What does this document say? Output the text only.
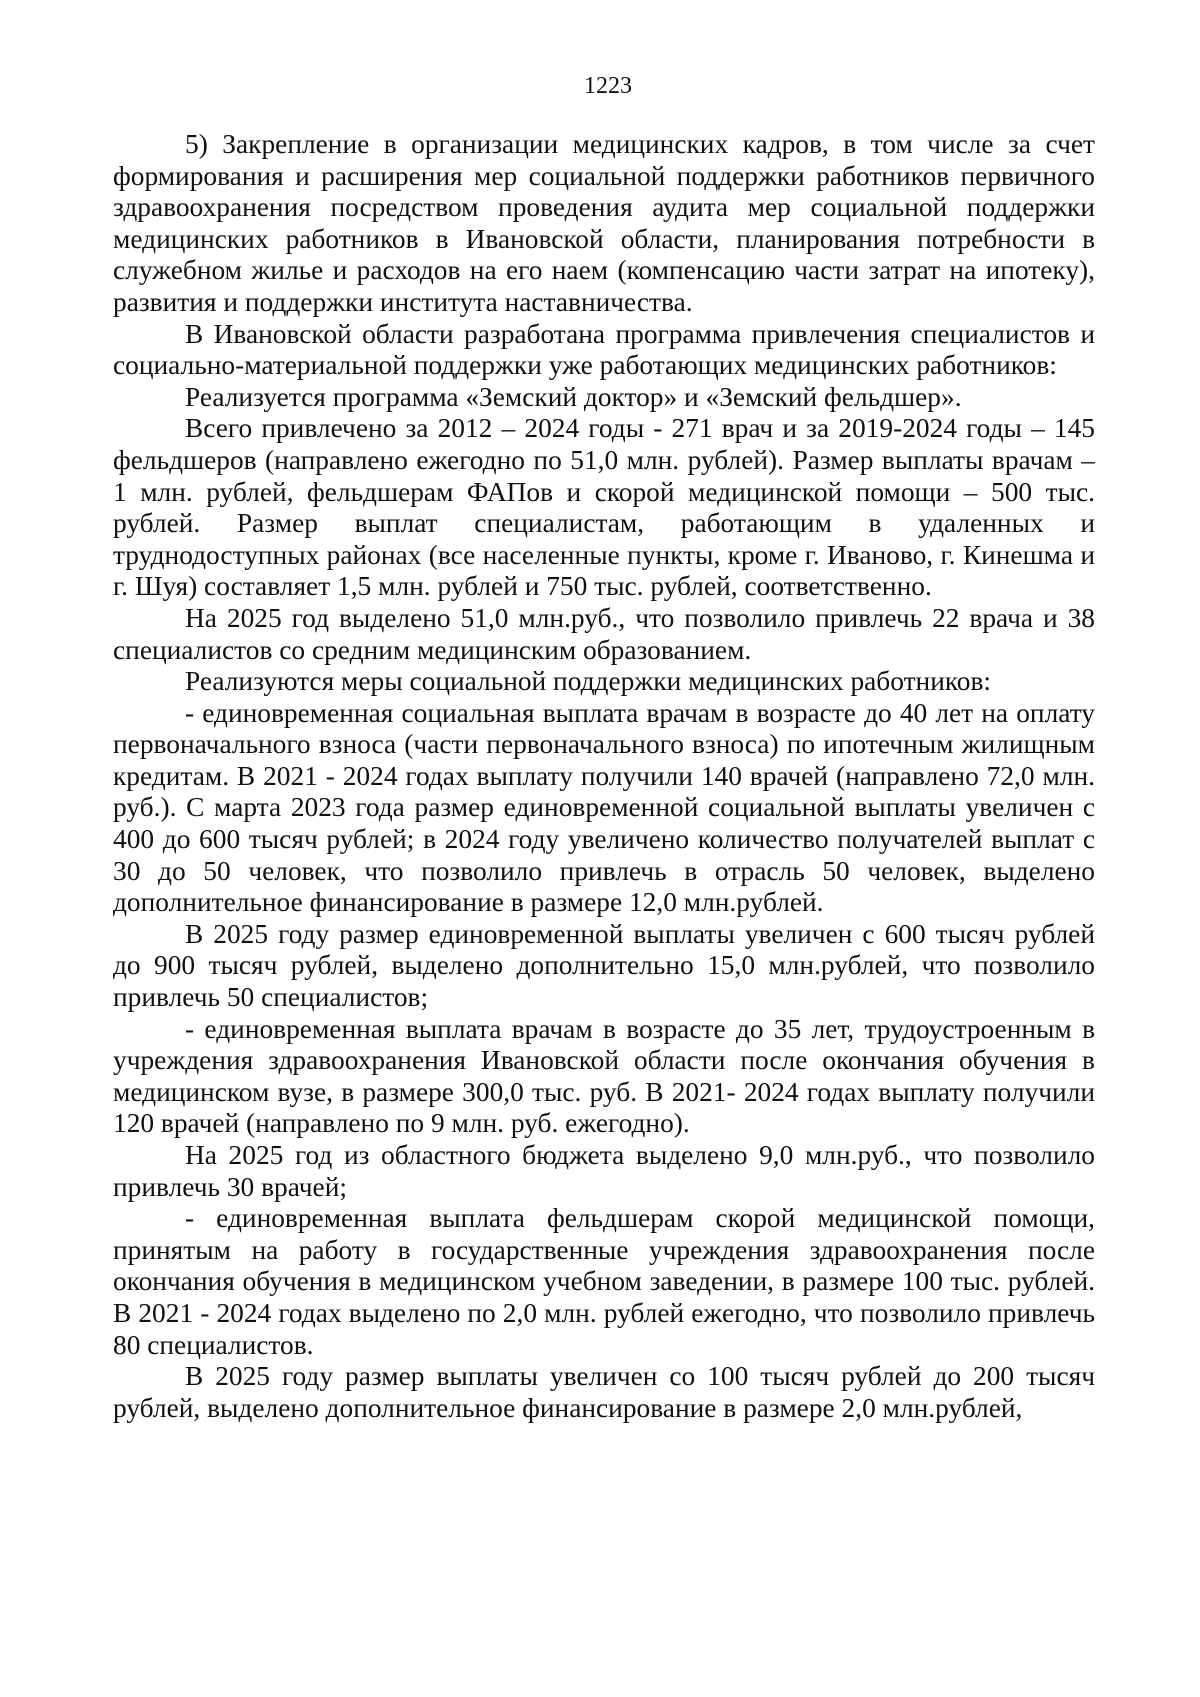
1223

5) Закрепление в организации медицинских кадров, в том числе за счет формирования и расширения мер социальной поддержки работников первичного здравоохранения посредством проведения аудита мер социальной поддержки медицинских работников в Ивановской области, планирования потребности в служебном жилье и расходов на его наем (компенсацию части затрат на ипотеку), развития и поддержки института наставничества.

В Ивановской области разработана программа привлечения специалистов и социально-материальной поддержки уже работающих медицинских работников:

Реализуется программа «Земский доктор» и «Земский фельдшер».

Всего привлечено за 2012 – 2024 годы - 271 врач и за 2019-2024 годы – 145 фельдшеров (направлено ежегодно по 51,0 млн. рублей). Размер выплаты врачам – 1 млн. рублей, фельдшерам ФАПов и скорой медицинской помощи – 500 тыс. рублей. Размер выплат специалистам, работающим в удаленных и труднодоступных районах (все населенные пункты, кроме г. Иваново, г. Кинешма и г. Шуя) составляет 1,5 млн. рублей и 750 тыс. рублей, соответственно.

На 2025 год выделено 51,0 млн.руб., что позволило привлечь 22 врача и 38 специалистов со средним медицинским образованием.

Реализуются меры социальной поддержки медицинских работников:

- единовременная социальная выплата врачам в возрасте до 40 лет на оплату первоначального взноса (части первоначального взноса) по ипотечным жилищным кредитам. В 2021 - 2024 годах выплату получили 140 врачей (направлено 72,0 млн. руб.). С марта 2023 года размер единовременной социальной выплаты увеличен с 400 до 600 тысяч рублей; в 2024 году увеличено количество получателей выплат с 30 до 50 человек, что позволило привлечь в отрасль 50 человек, выделено дополнительное финансирование в размере 12,0 млн.рублей.

В 2025 году размер единовременной выплаты увеличен с 600 тысяч рублей до 900 тысяч рублей, выделено дополнительно 15,0 млн.рублей, что позволило привлечь 50 специалистов;

- единовременная выплата врачам в возрасте до 35 лет, трудоустроенным в учреждения здравоохранения Ивановской области после окончания обучения в медицинском вузе, в размере 300,0 тыс. руб. В 2021- 2024 годах выплату получили 120 врачей (направлено по 9 млн. руб. ежегодно).

На 2025 год из областного бюджета выделено 9,0 млн.руб., что позволило привлечь 30 врачей;

- единовременная выплата фельдшерам скорой медицинской помощи, принятым на работу в государственные учреждения здравоохранения после окончания обучения в медицинском учебном заведении, в размере 100 тыс. рублей. В 2021 - 2024 годах выделено по 2,0 млн. рублей ежегодно, что позволило привлечь 80 специалистов.

В 2025 году размер выплаты увеличен со 100 тысяч рублей до 200 тысяч рублей, выделено дополнительное финансирование в размере 2,0 млн.рублей,
